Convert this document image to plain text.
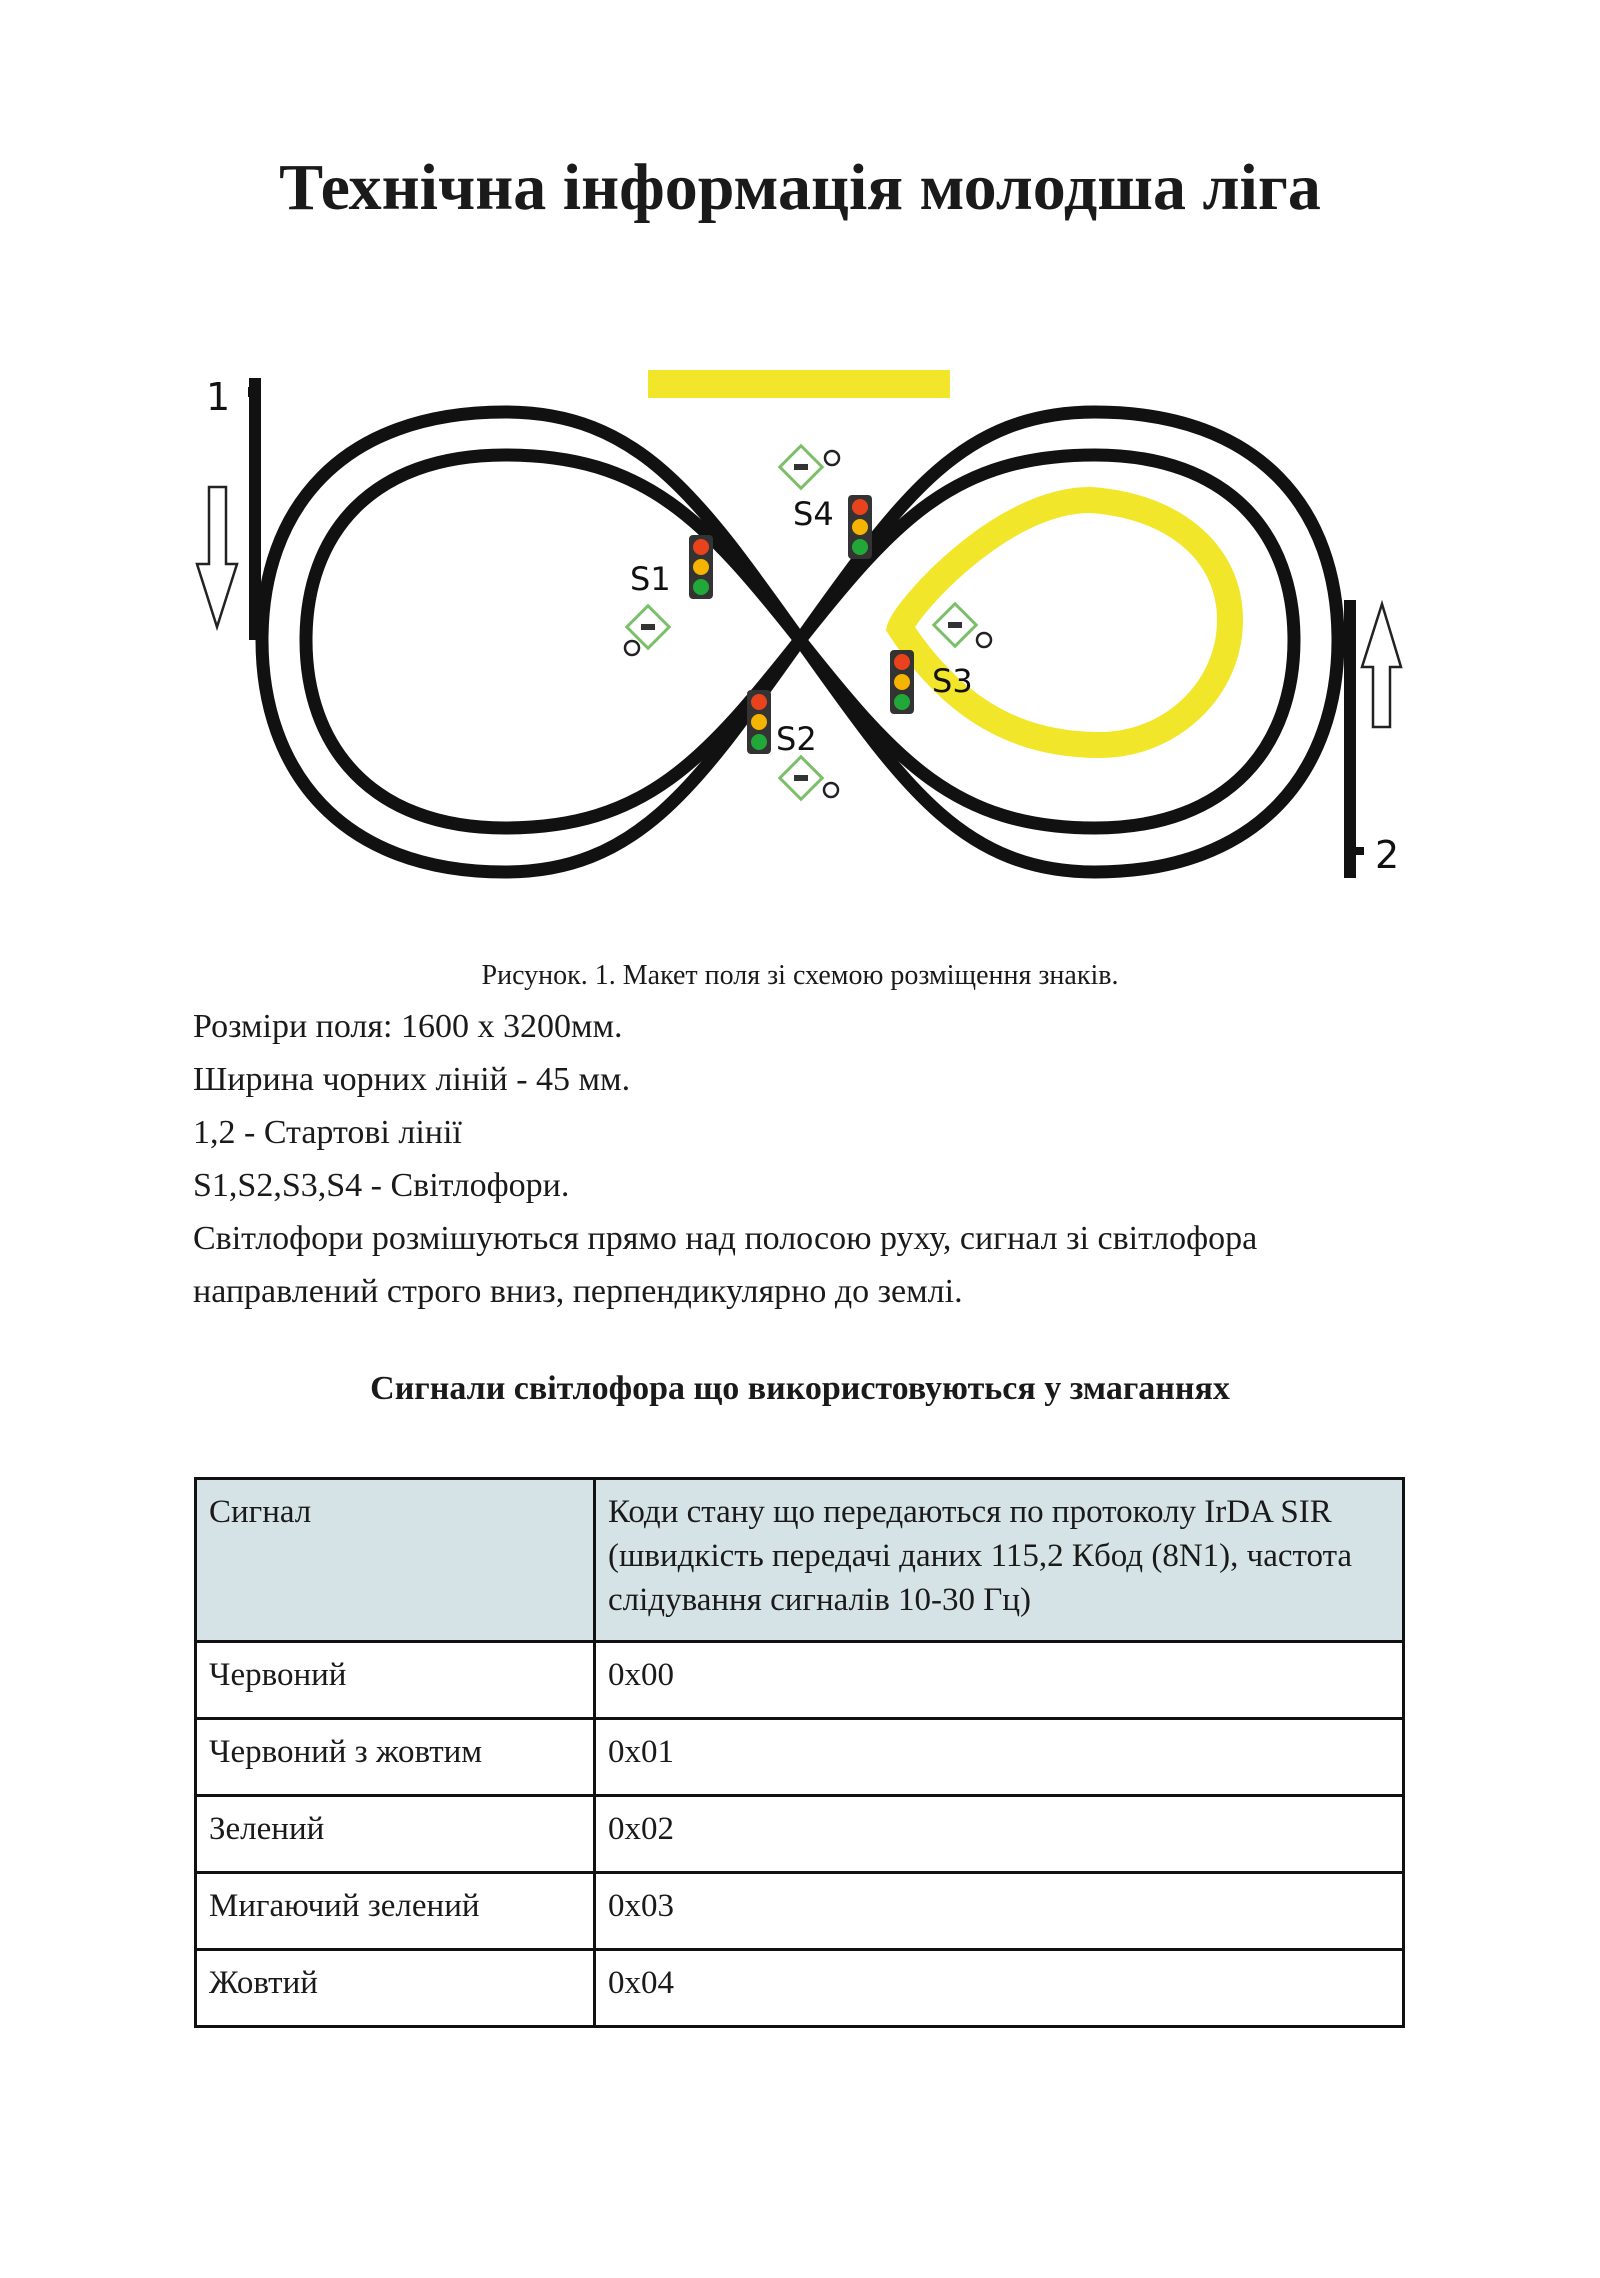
Технічна інформація молодша ліга
1
2
S1
S2
S3
S4

Рисунок. 1. Макет поля зі схемою розміщення знаків.

Розміри поля: 1600 х 3200мм.

Ширина чорних ліній - 45 мм.

1,2 - Стартові лінії

S1,S2,S3,S4 - Світлофори.

Світлофори розмішуються прямо над полосою руху, сигнал зі світлофора направлений строго вниз, перпендикулярно до землі.

Сигнали світлофора що використовуються у змаганнях
Сигнал	Коди стану що передаються по протоколу IrDA SIR (швидкість передачі даних 115,2 Кбод (8N1), частота слідування сигналів 10-30 Гц)
Червоний	0x00
Червоний з жовтим	0x01
Зелений	0x02
Мигаючий зелений	0x03
Жовтий	0x04
